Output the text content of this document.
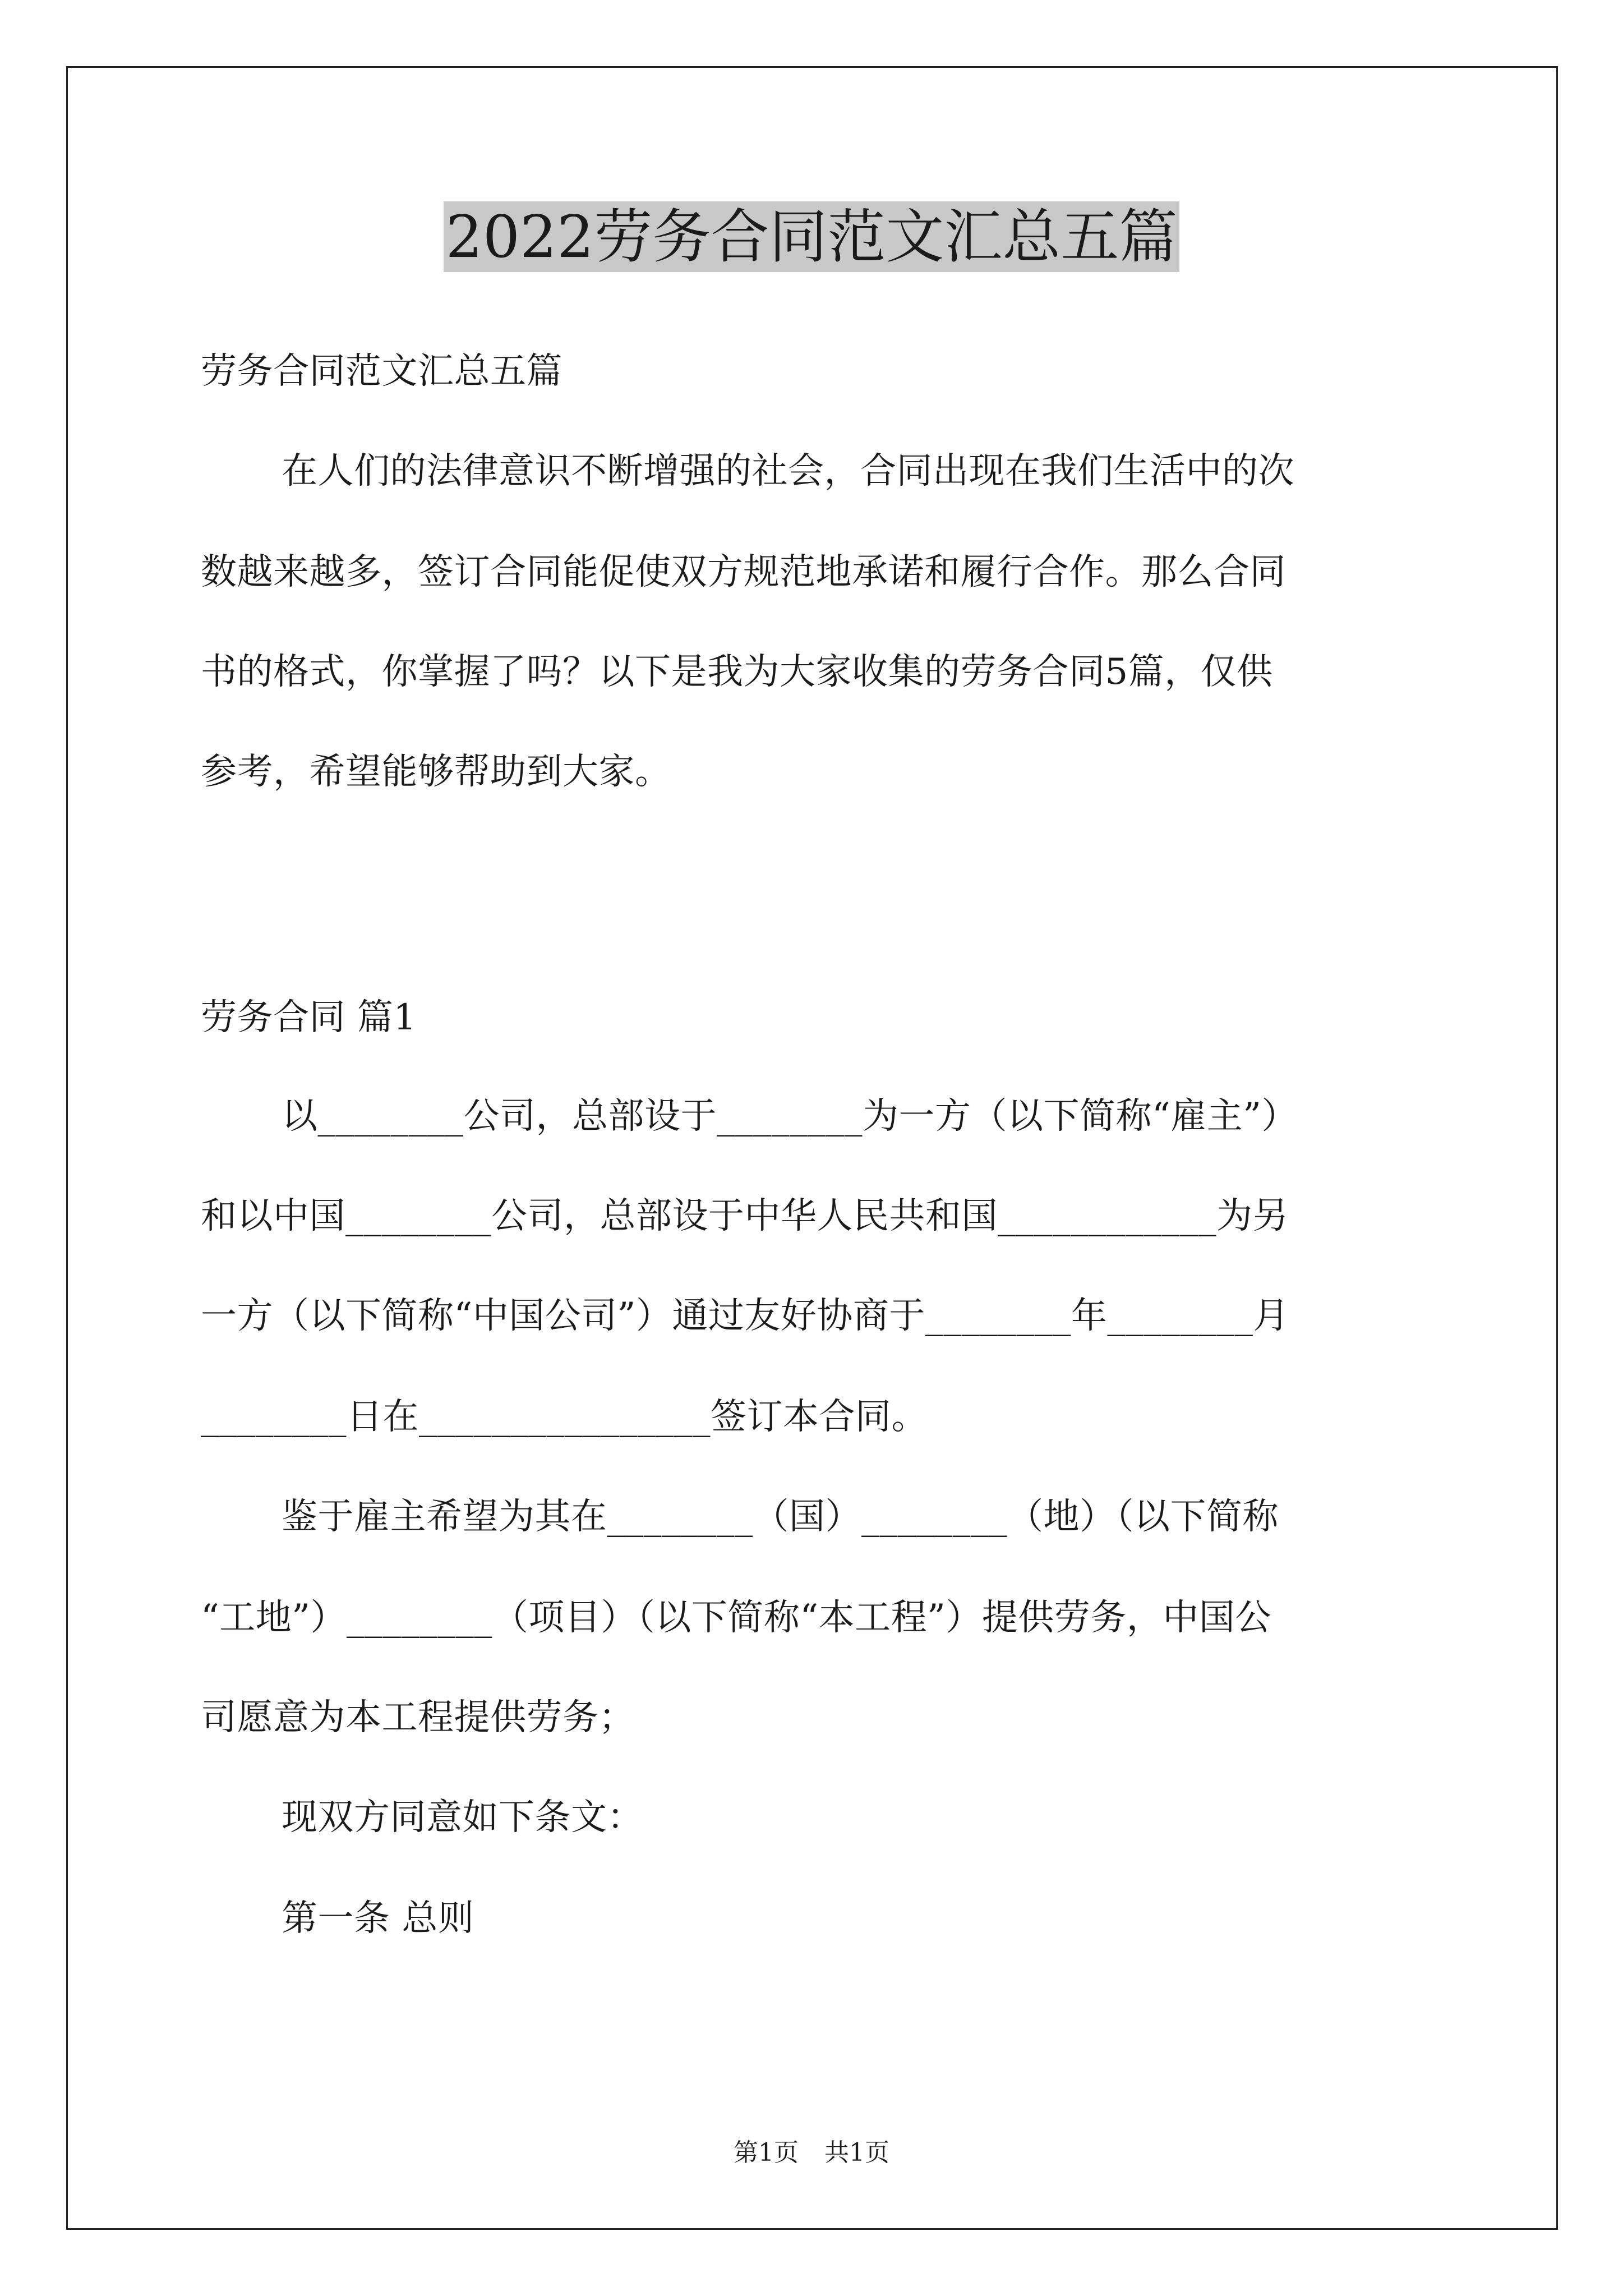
2022劳务合同范文汇总五篇

劳务合同范文汇总五篇

在人们的法律意识不断增强的社会，合同出现在我们生活中的次

数越来越多，签订合同能促使双方规范地承诺和履行合作。那么合同

书的格式，你掌握了吗？以下是我为大家收集的劳务合同5篇，仅供

参考，希望能够帮助到大家。

劳务合同 篇1

以________公司，总部设于________为一方（以下简称“雇主”）

和以中国________公司，总部设于中华人民共和国____________为另

一方（以下简称“中国公司”）通过友好协商于________年________月

________日在________________签订本合同。

鉴于雇主希望为其在________（国）________（地）（以下简称

“工地”）________（项目）（以下简称“本工程”）提供劳务，中国公

司愿意为本工程提供劳务；

现双方同意如下条文：

第一条 总则

第1页 共1页
